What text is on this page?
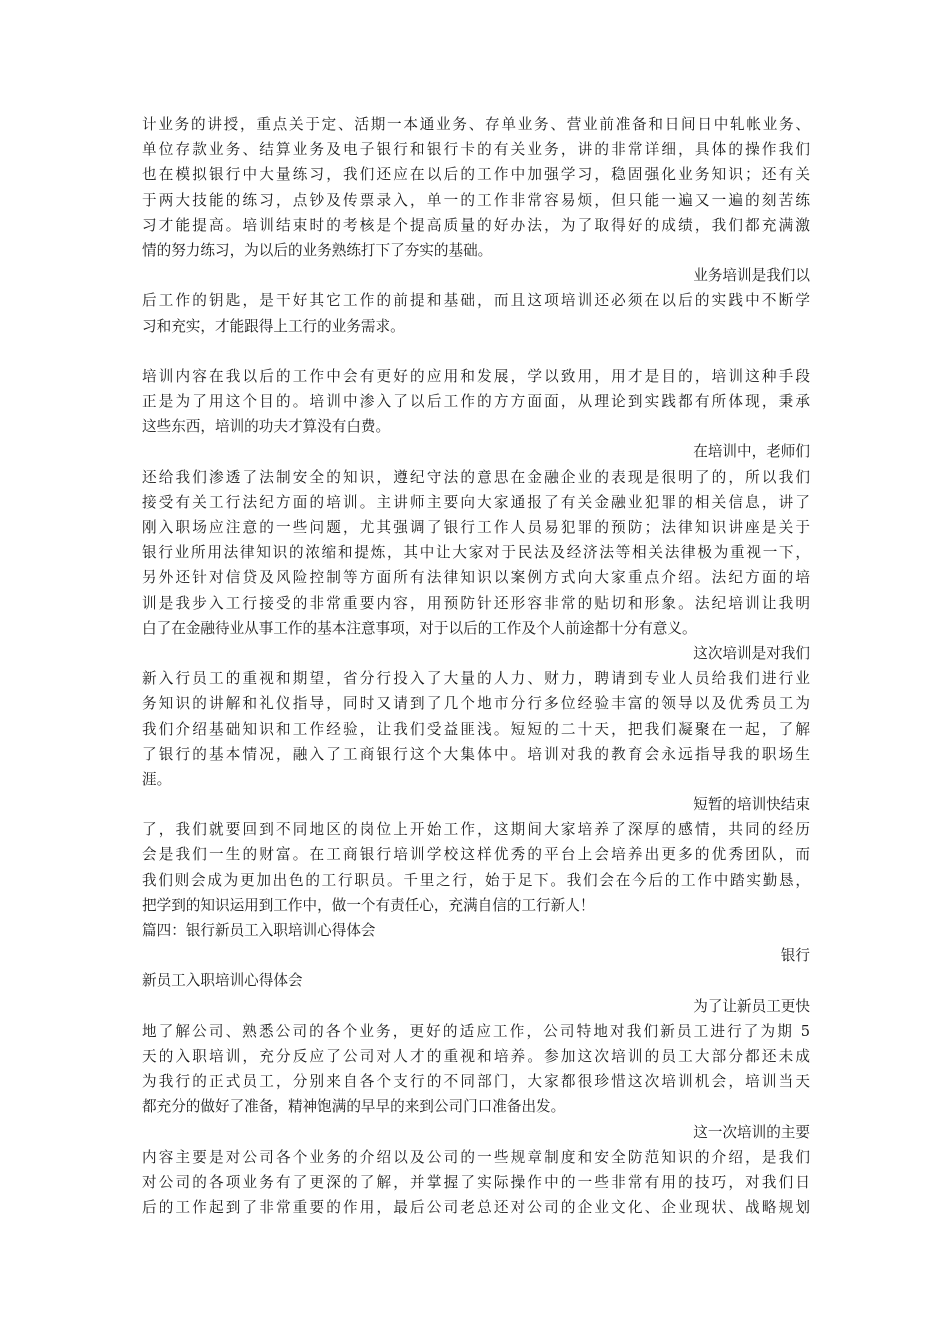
计业务的讲授，重点关于定、活期一本通业务、存单业务、营业前准备和日间日中轧帐业务、
单位存款业务、结算业务及电子银行和银行卡的有关业务，讲的非常详细，具体的操作我们
也在模拟银行中大量练习，我们还应在以后的工作中加强学习，稳固强化业务知识；还有关
于两大技能的练习，点钞及传票录入，单一的工作非常容易烦，但只能一遍又一遍的刻苦练
习才能提高。培训结束时的考核是个提高质量的好办法，为了取得好的成绩，我们都充满激
情的努力练习，为以后的业务熟练打下了夯实的基础。
业务培训是我们以
后工作的钥匙，是干好其它工作的前提和基础，而且这项培训还必须在以后的实践中不断学
习和充实，才能跟得上工行的业务需求。
培训内容在我以后的工作中会有更好的应用和发展，学以致用，用才是目的，培训这种手段
正是为了用这个目的。培训中渗入了以后工作的方方面面，从理论到实践都有所体现，秉承
这些东西，培训的功夫才算没有白费。
在培训中，老师们
还给我们渗透了法制安全的知识，遵纪守法的意思在金融企业的表现是很明了的，所以我们
接受有关工行法纪方面的培训。主讲师主要向大家通报了有关金融业犯罪的相关信息，讲了
刚入职场应注意的一些问题，尤其强调了银行工作人员易犯罪的预防；法律知识讲座是关于
银行业所用法律知识的浓缩和提炼，其中让大家对于民法及经济法等相关法律极为重视一下，
另外还针对信贷及风险控制等方面所有法律知识以案例方式向大家重点介绍。法纪方面的培
训是我步入工行接受的非常重要内容，用预防针还形容非常的贴切和形象。法纪培训让我明
白了在金融待业从事工作的基本注意事项，对于以后的工作及个人前途都十分有意义。
这次培训是对我们
新入行员工的重视和期望，省分行投入了大量的人力、财力，聘请到专业人员给我们进行业
务知识的讲解和礼仪指导，同时又请到了几个地市分行多位经验丰富的领导以及优秀员工为
我们介绍基础知识和工作经验，让我们受益匪浅。短短的二十天，把我们凝聚在一起，了解
了银行的基本情况，融入了工商银行这个大集体中。培训对我的教育会永远指导我的职场生
涯。
短暂的培训快结束
了，我们就要回到不同地区的岗位上开始工作，这期间大家培养了深厚的感情，共同的经历
会是我们一生的财富。在工商银行培训学校这样优秀的平台上会培养出更多的优秀团队，而
我们则会成为更加出色的工行职员。千里之行，始于足下。我们会在今后的工作中踏实勤恳，
把学到的知识运用到工作中，做一个有责任心，充满自信的工行新人！
篇四：银行新员工入职培训心得体会
银行
新员工入职培训心得体会
为了让新员工更快
地了解公司、熟悉公司的各个业务，更好的适应工作，公司特地对我们新员工进行了为期 5
天的入职培训，充分反应了公司对人才的重视和培养。参加这次培训的员工大部分都还未成
为我行的正式员工，分别来自各个支行的不同部门，大家都很珍惜这次培训机会，培训当天
都充分的做好了准备，精神饱满的早早的来到公司门口准备出发。
这一次培训的主要
内容主要是对公司各个业务的介绍以及公司的一些规章制度和安全防范知识的介绍，是我们
对公司的各项业务有了更深的了解，并掌握了实际操作中的一些非常有用的技巧，对我们日
后的工作起到了非常重要的作用，最后公司老总还对公司的企业文化、企业现状、战略规划
